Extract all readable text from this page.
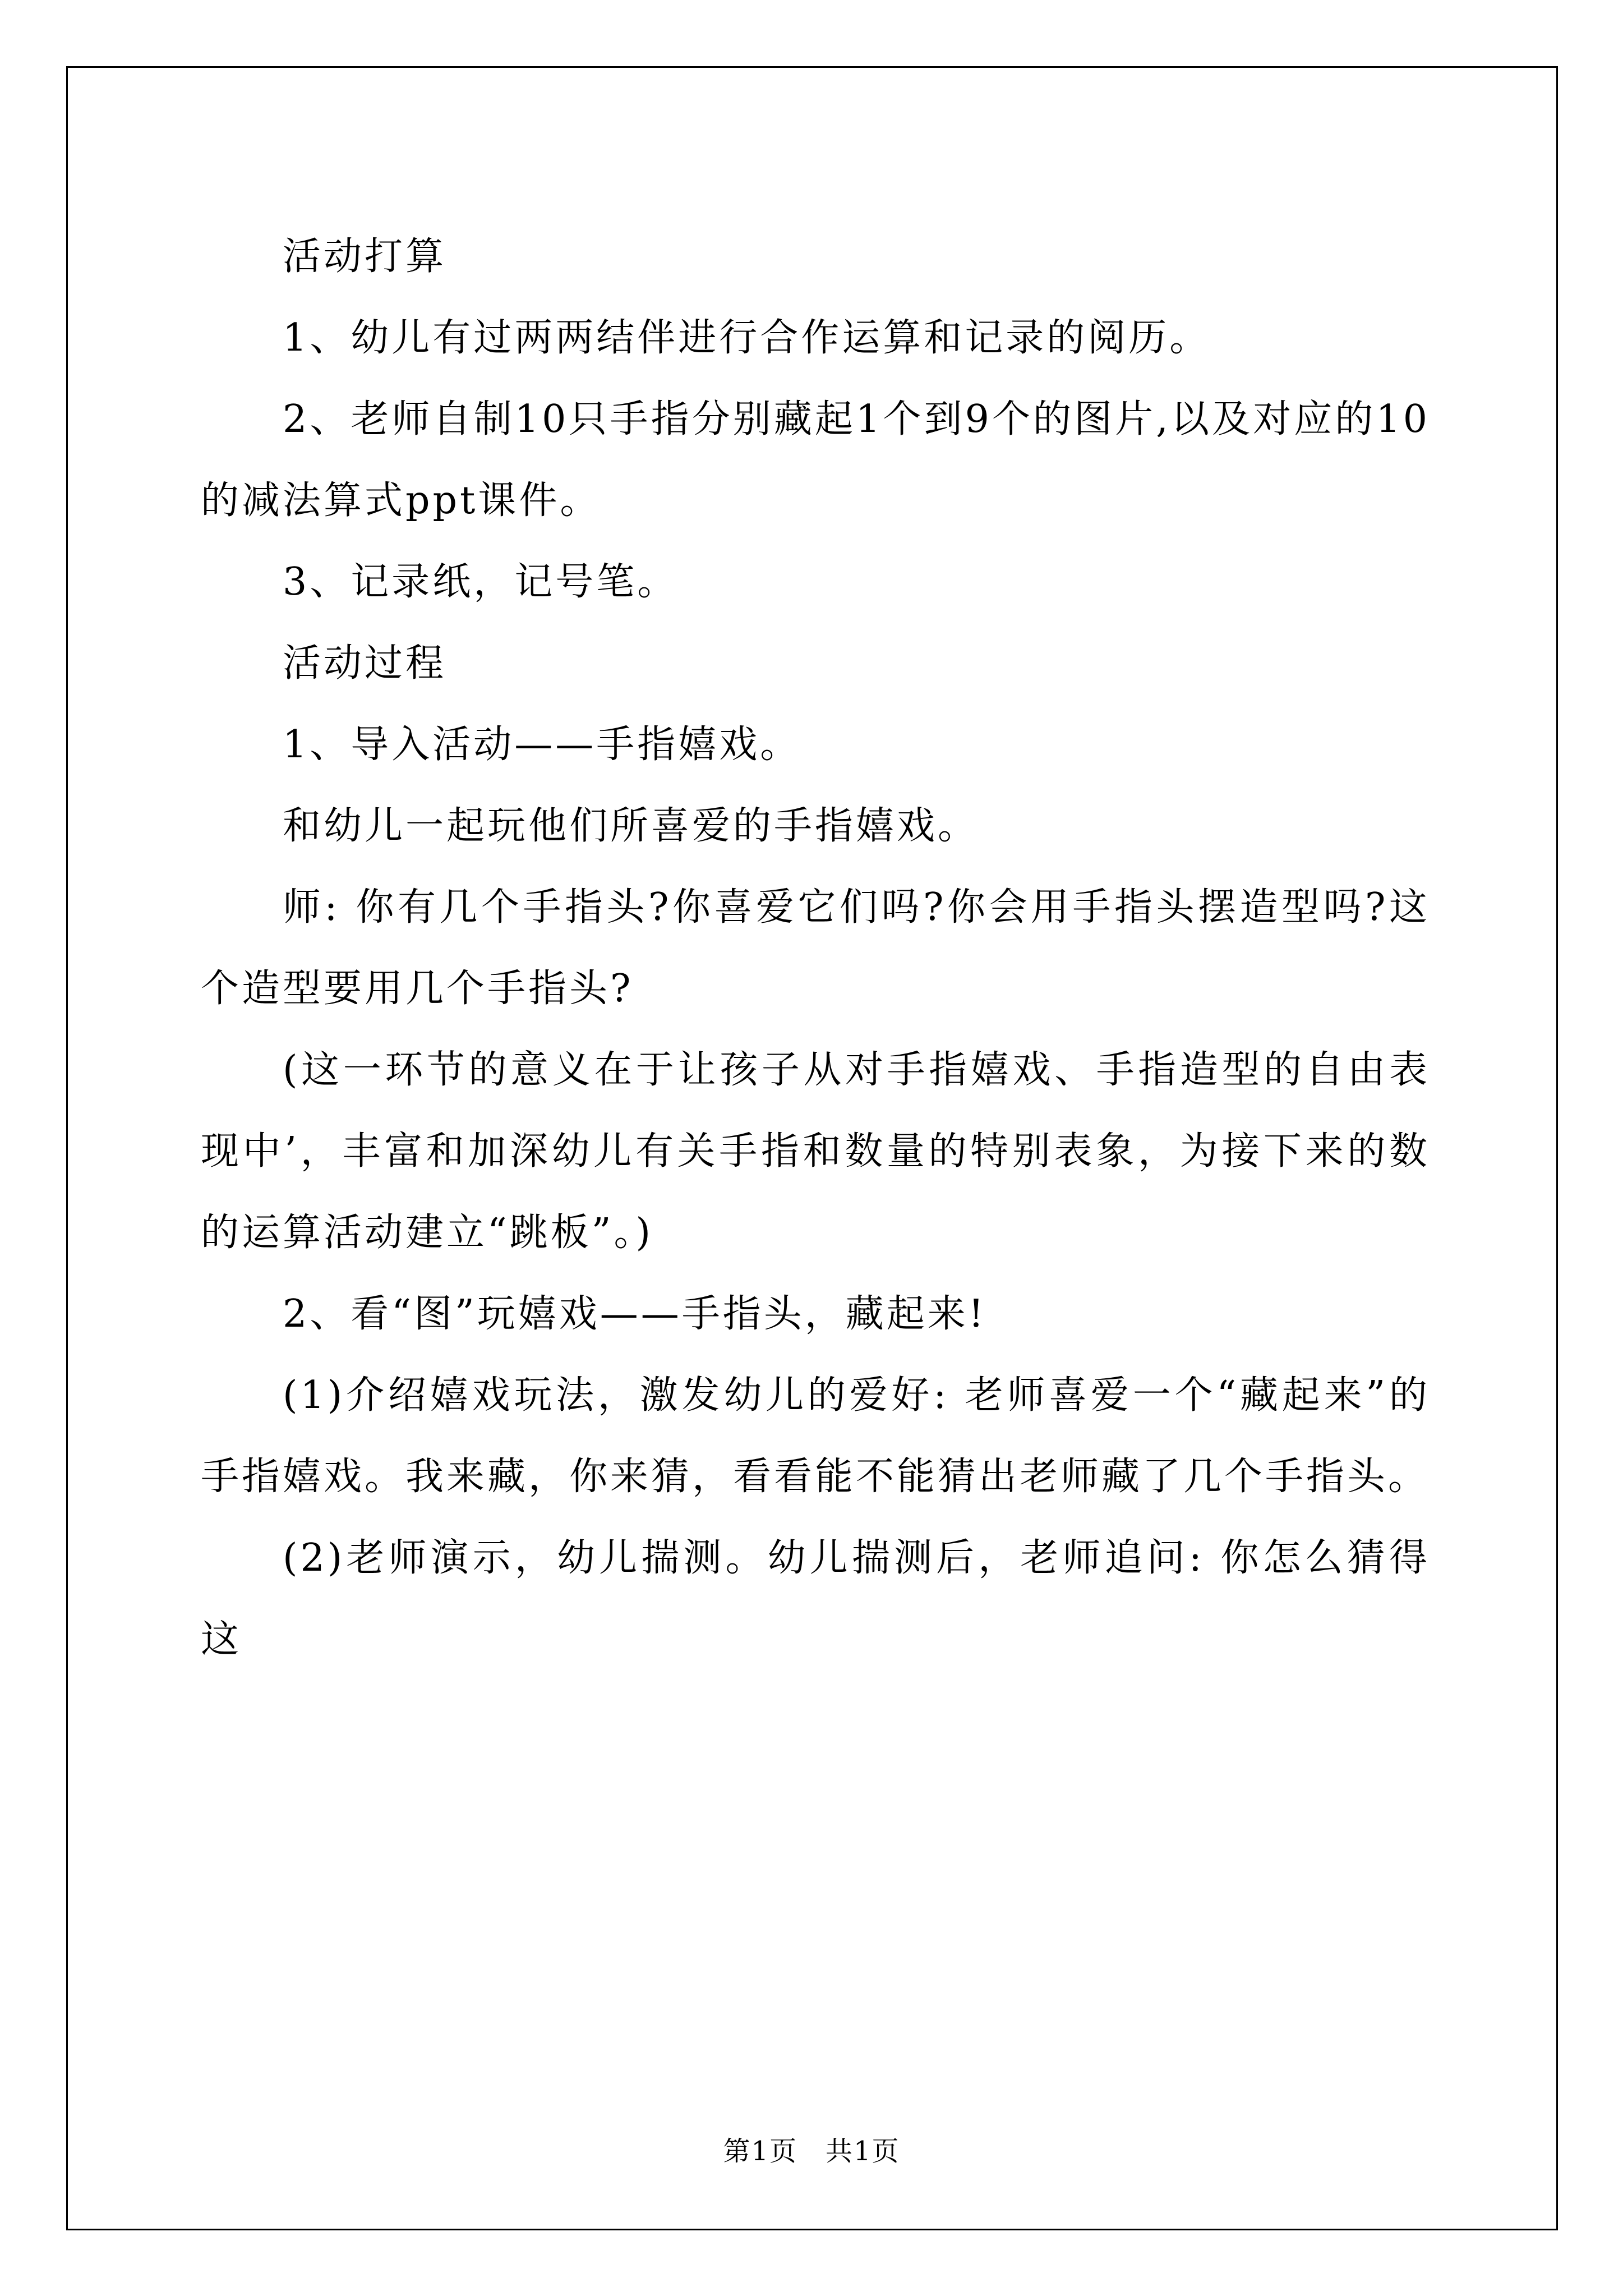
活动打算

1、幼儿有过两两结伴进行合作运算和记录的阅历。

2、老师自制10只手指分别藏起1个到9个的图片,以及对应的10的减法算式ppt课件。

3、记录纸，记号笔。

活动过程

1、导入活动——手指嬉戏。

和幼儿一起玩他们所喜爱的手指嬉戏。

师: 你有几个手指头?你喜爱它们吗?你会用手指头摆造型吗?这个造型要用几个手指头?

(这一环节的意义在于让孩子从对手指嬉戏、手指造型的自由表现中’，丰富和加深幼儿有关手指和数量的特别表象，为接下来的数的运算活动建立“跳板”。)

2、看“图”玩嬉戏——手指头，藏起来!

(1)介绍嬉戏玩法，激发幼儿的爱好: 老师喜爱一个“藏起来”的手指嬉戏。我来藏，你来猜，看看能不能猜出老师藏了几个手指头。

(2)老师演示，幼儿揣测。幼儿揣测后，老师追问: 你怎么猜得这

第1页　共1页
